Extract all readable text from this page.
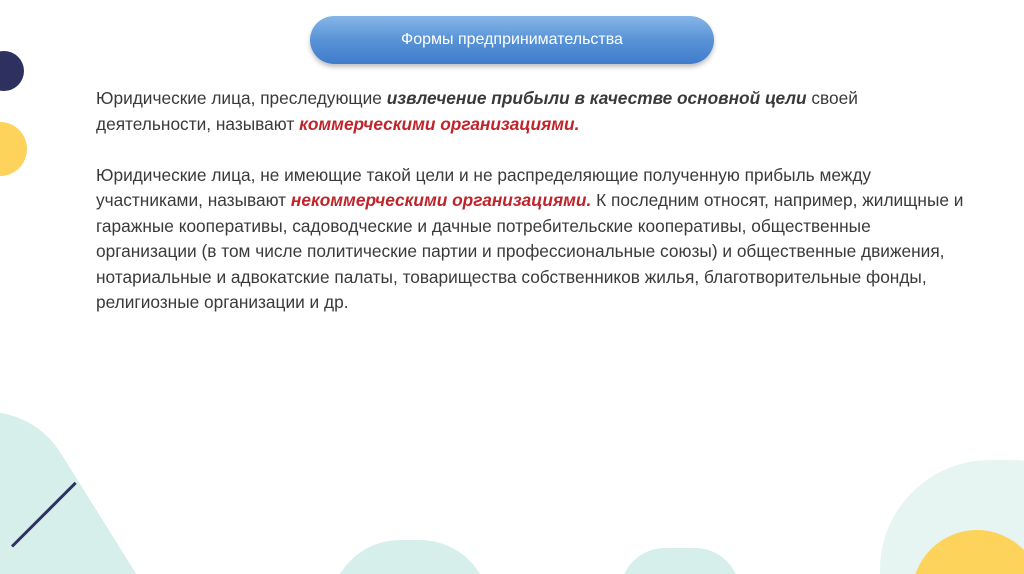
Формы предпринимательства

Юридические лица, преследующие извлечение прибыли в качестве основной цели своей деятельности, называют коммерческими организациями.

Юридические лица, не имеющие такой цели и не распределяющие полученную прибыль между участниками, называют некоммерческими организациями. К последним относят, например, жилищные и гаражные кооперативы, садоводческие и дачные потребительские кооперативы, общественные организации (в том числе политические партии и профессиональные союзы) и общественные движения, нотариальные и адвокатские палаты, товарищества собственников жилья, благотворительные фонды, религиозные организации и др.
